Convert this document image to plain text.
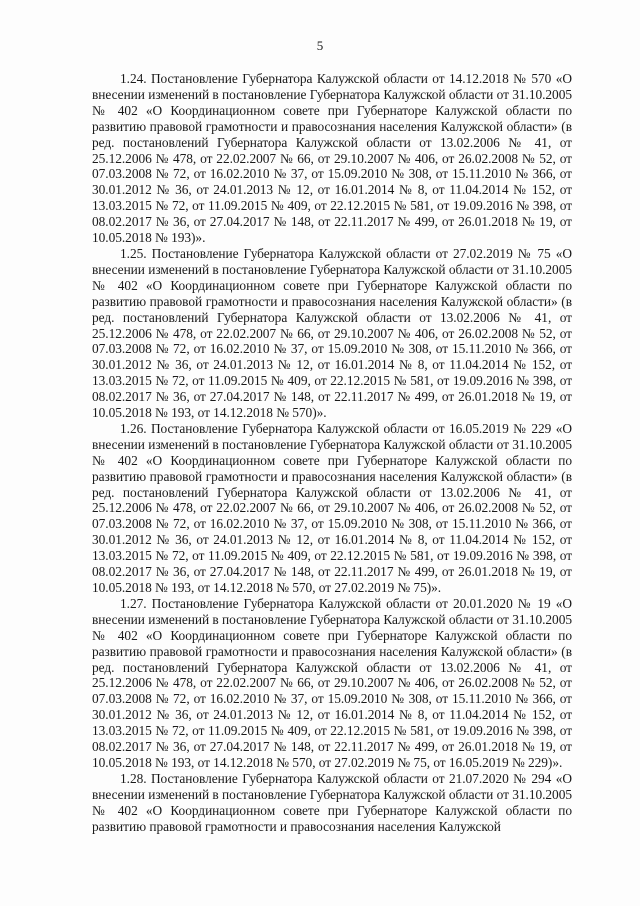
5

1.24. Постановление Губернатора Калужской области от 14.12.2018 № 570 «О внесении изменений в постановление Губернатора Калужской области от 31.10.2005 № 402 «О Координационном совете при Губернаторе Калужской области по развитию правовой грамотности и правосознания населения Калужской области» (в ред. постановлений Губернатора Калужской области от 13.02.2006 № 41, от 25.12.2006 № 478, от 22.02.2007 № 66, от 29.10.2007 № 406, от 26.02.2008 № 52, от 07.03.2008 № 72, от 16.02.2010 № 37, от 15.09.2010 № 308, от 15.11.2010 № 366, от 30.01.2012 № 36, от 24.01.2013 № 12, от 16.01.2014 № 8, от 11.04.2014 № 152, от 13.03.2015 № 72, от 11.09.2015 № 409, от 22.12.2015 № 581, от 19.09.2016 № 398, от 08.02.2017 № 36, от 27.04.2017 № 148, от 22.11.2017 № 499, от 26.01.2018 № 19, от 10.05.2018 № 193)».

1.25. Постановление Губернатора Калужской области от 27.02.2019 № 75 «О внесении изменений в постановление Губернатора Калужской области от 31.10.2005 № 402 «О Координационном совете при Губернаторе Калужской области по развитию правовой грамотности и правосознания населения Калужской области» (в ред. постановлений Губернатора Калужской области от 13.02.2006 № 41, от 25.12.2006 № 478, от 22.02.2007 № 66, от 29.10.2007 № 406, от 26.02.2008 № 52, от 07.03.2008 № 72, от 16.02.2010 № 37, от 15.09.2010 № 308, от 15.11.2010 № 366, от 30.01.2012 № 36, от 24.01.2013 № 12, от 16.01.2014 № 8, от 11.04.2014 № 152, от 13.03.2015 № 72, от 11.09.2015 № 409, от 22.12.2015 № 581, от 19.09.2016 № 398, от 08.02.2017 № 36, от 27.04.2017 № 148, от 22.11.2017 № 499, от 26.01.2018 № 19, от 10.05.2018 № 193, от 14.12.2018 № 570)».

1.26. Постановление Губернатора Калужской области от 16.05.2019 № 229 «О внесении изменений в постановление Губернатора Калужской области от 31.10.2005 № 402 «О Координационном совете при Губернаторе Калужской области по развитию правовой грамотности и правосознания населения Калужской области» (в ред. постановлений Губернатора Калужской области от 13.02.2006 № 41, от 25.12.2006 № 478, от 22.02.2007 № 66, от 29.10.2007 № 406, от 26.02.2008 № 52, от 07.03.2008 № 72, от 16.02.2010 № 37, от 15.09.2010 № 308, от 15.11.2010 № 366, от 30.01.2012 № 36, от 24.01.2013 № 12, от 16.01.2014 № 8, от 11.04.2014 № 152, от 13.03.2015 № 72, от 11.09.2015 № 409, от 22.12.2015 № 581, от 19.09.2016 № 398, от 08.02.2017 № 36, от 27.04.2017 № 148, от 22.11.2017 № 499, от 26.01.2018 № 19, от 10.05.2018 № 193, от 14.12.2018 № 570, от 27.02.2019 № 75)».

1.27. Постановление Губернатора Калужской области от 20.01.2020 № 19 «О внесении изменений в постановление Губернатора Калужской области от 31.10.2005 № 402 «О Координационном совете при Губернаторе Калужской области по развитию правовой грамотности и правосознания населения Калужской области» (в ред. постановлений Губернатора Калужской области от 13.02.2006 № 41, от 25.12.2006 № 478, от 22.02.2007 № 66, от 29.10.2007 № 406, от 26.02.2008 № 52, от 07.03.2008 № 72, от 16.02.2010 № 37, от 15.09.2010 № 308, от 15.11.2010 № 366, от 30.01.2012 № 36, от 24.01.2013 № 12, от 16.01.2014 № 8, от 11.04.2014 № 152, от 13.03.2015 № 72, от 11.09.2015 № 409, от 22.12.2015 № 581, от 19.09.2016 № 398, от 08.02.2017 № 36, от 27.04.2017 № 148, от 22.11.2017 № 499, от 26.01.2018 № 19, от 10.05.2018 № 193, от 14.12.2018 № 570, от 27.02.2019 № 75, от 16.05.2019 № 229)».

1.28. Постановление Губернатора Калужской области от 21.07.2020 № 294 «О внесении изменений в постановление Губернатора Калужской области от 31.10.2005 № 402 «О Координационном совете при Губернаторе Калужской области по развитию правовой грамотности и правосознания населения Калужской
